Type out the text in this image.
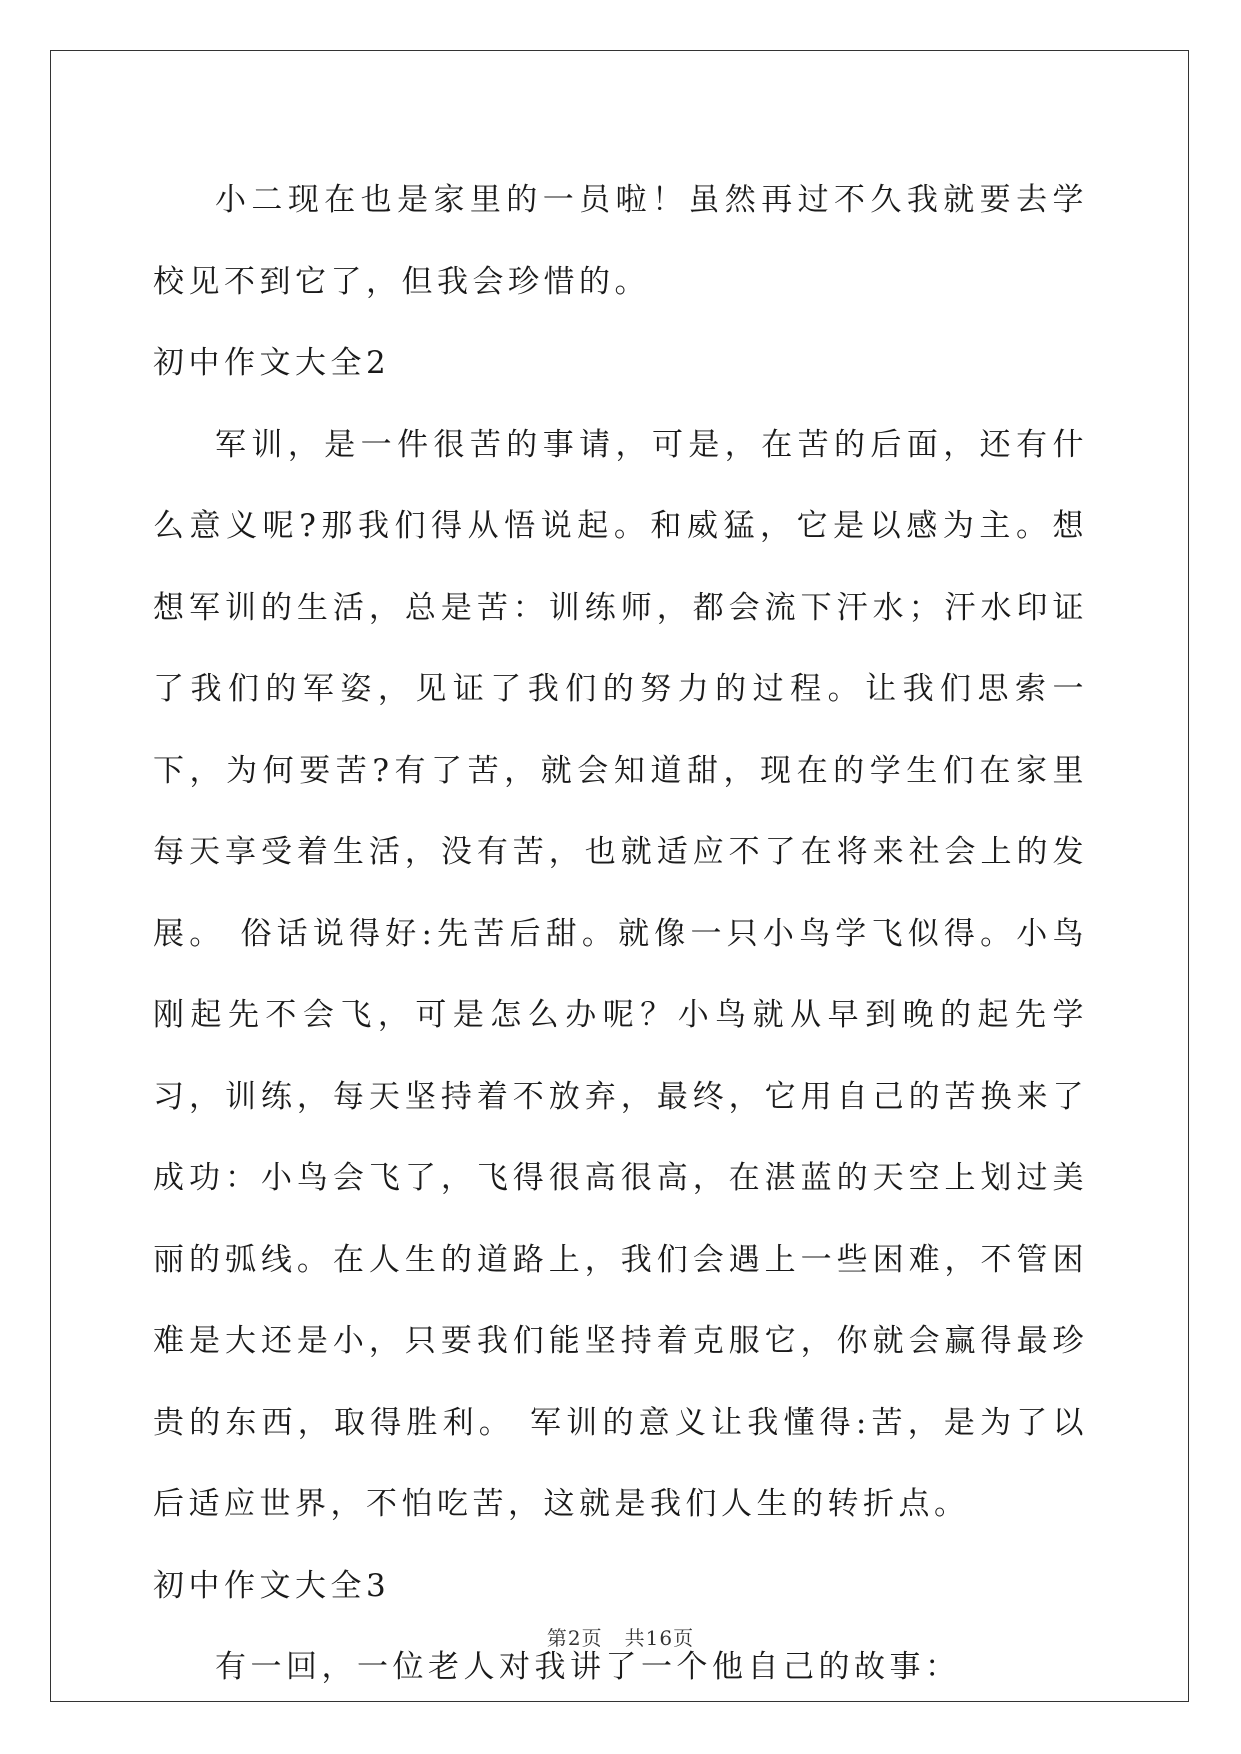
小二现在也是家里的一员啦！虽然再过不久我就要去学校见不到它了，但我会珍惜的。

初中作文大全2

军训，是一件很苦的事请，可是，在苦的后面，还有什么意义呢?那我们得从悟说起。和威猛，它是以感为主。想想军训的生活，总是苦：训练师，都会流下汗水；汗水印证了我们的军姿，见证了我们的努力的过程。让我们思索一下，为何要苦?有了苦，就会知道甜，现在的学生们在家里每天享受着生活，没有苦，也就适应不了在将来社会上的发展。 俗话说得好:先苦后甜。就像一只小鸟学飞似得。小鸟刚起先不会飞，可是怎么办呢？小鸟就从早到晚的起先学习，训练，每天坚持着不放弃，最终，它用自己的苦换来了成功：小鸟会飞了，飞得很高很高，在湛蓝的天空上划过美丽的弧线。在人生的道路上，我们会遇上一些困难，不管困难是大还是小，只要我们能坚持着克服它，你就会赢得最珍贵的东西，取得胜利。 军训的意义让我懂得:苦，是为了以后适应世界，不怕吃苦，这就是我们人生的转折点。

初中作文大全3

有一回，一位老人对我讲了一个他自己的故事：

第2页 共16页
